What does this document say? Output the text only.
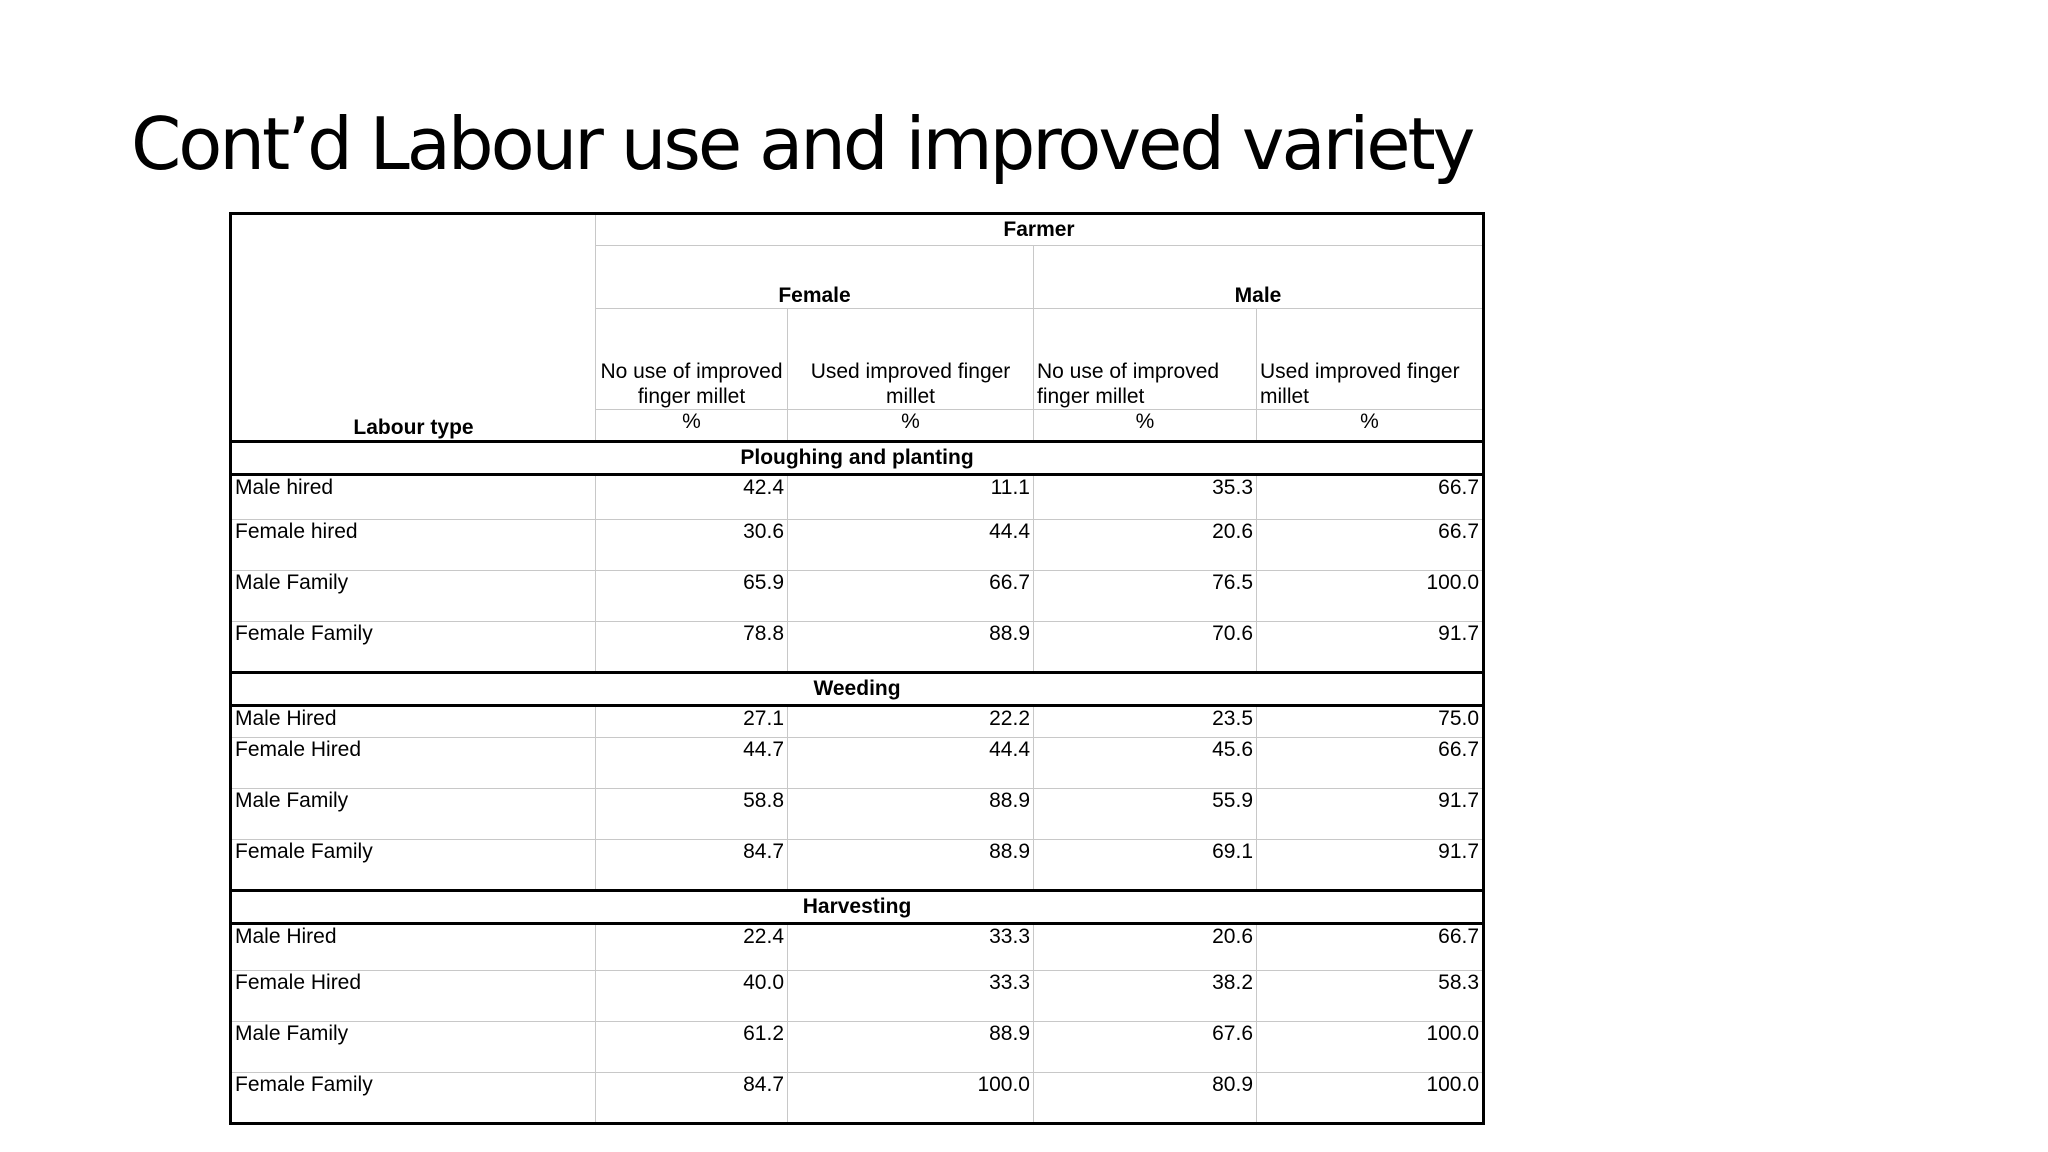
Cont’d Labour use and improved variety
Labour type	Farmer			
	Female		Male	
	No use of improved finger millet	Used improved finger millet	No use of improved finger millet	Used improved finger millet
	%	%	%	%
Ploughing and planting				
Male hired	42.4	11.1	35.3	66.7
Female hired	30.6	44.4	20.6	66.7
Male Family	65.9	66.7	76.5	100.0
Female Family	78.8	88.9	70.6	91.7
Weeding				
Male Hired	27.1	22.2	23.5	75.0
Female Hired	44.7	44.4	45.6	66.7
Male Family	58.8	88.9	55.9	91.7
Female Family	84.7	88.9	69.1	91.7
Harvesting				
Male Hired	22.4	33.3	20.6	66.7
Female Hired	40.0	33.3	38.2	58.3
Male Family	61.2	88.9	67.6	100.0
Female Family	84.7	100.0	80.9	100.0
